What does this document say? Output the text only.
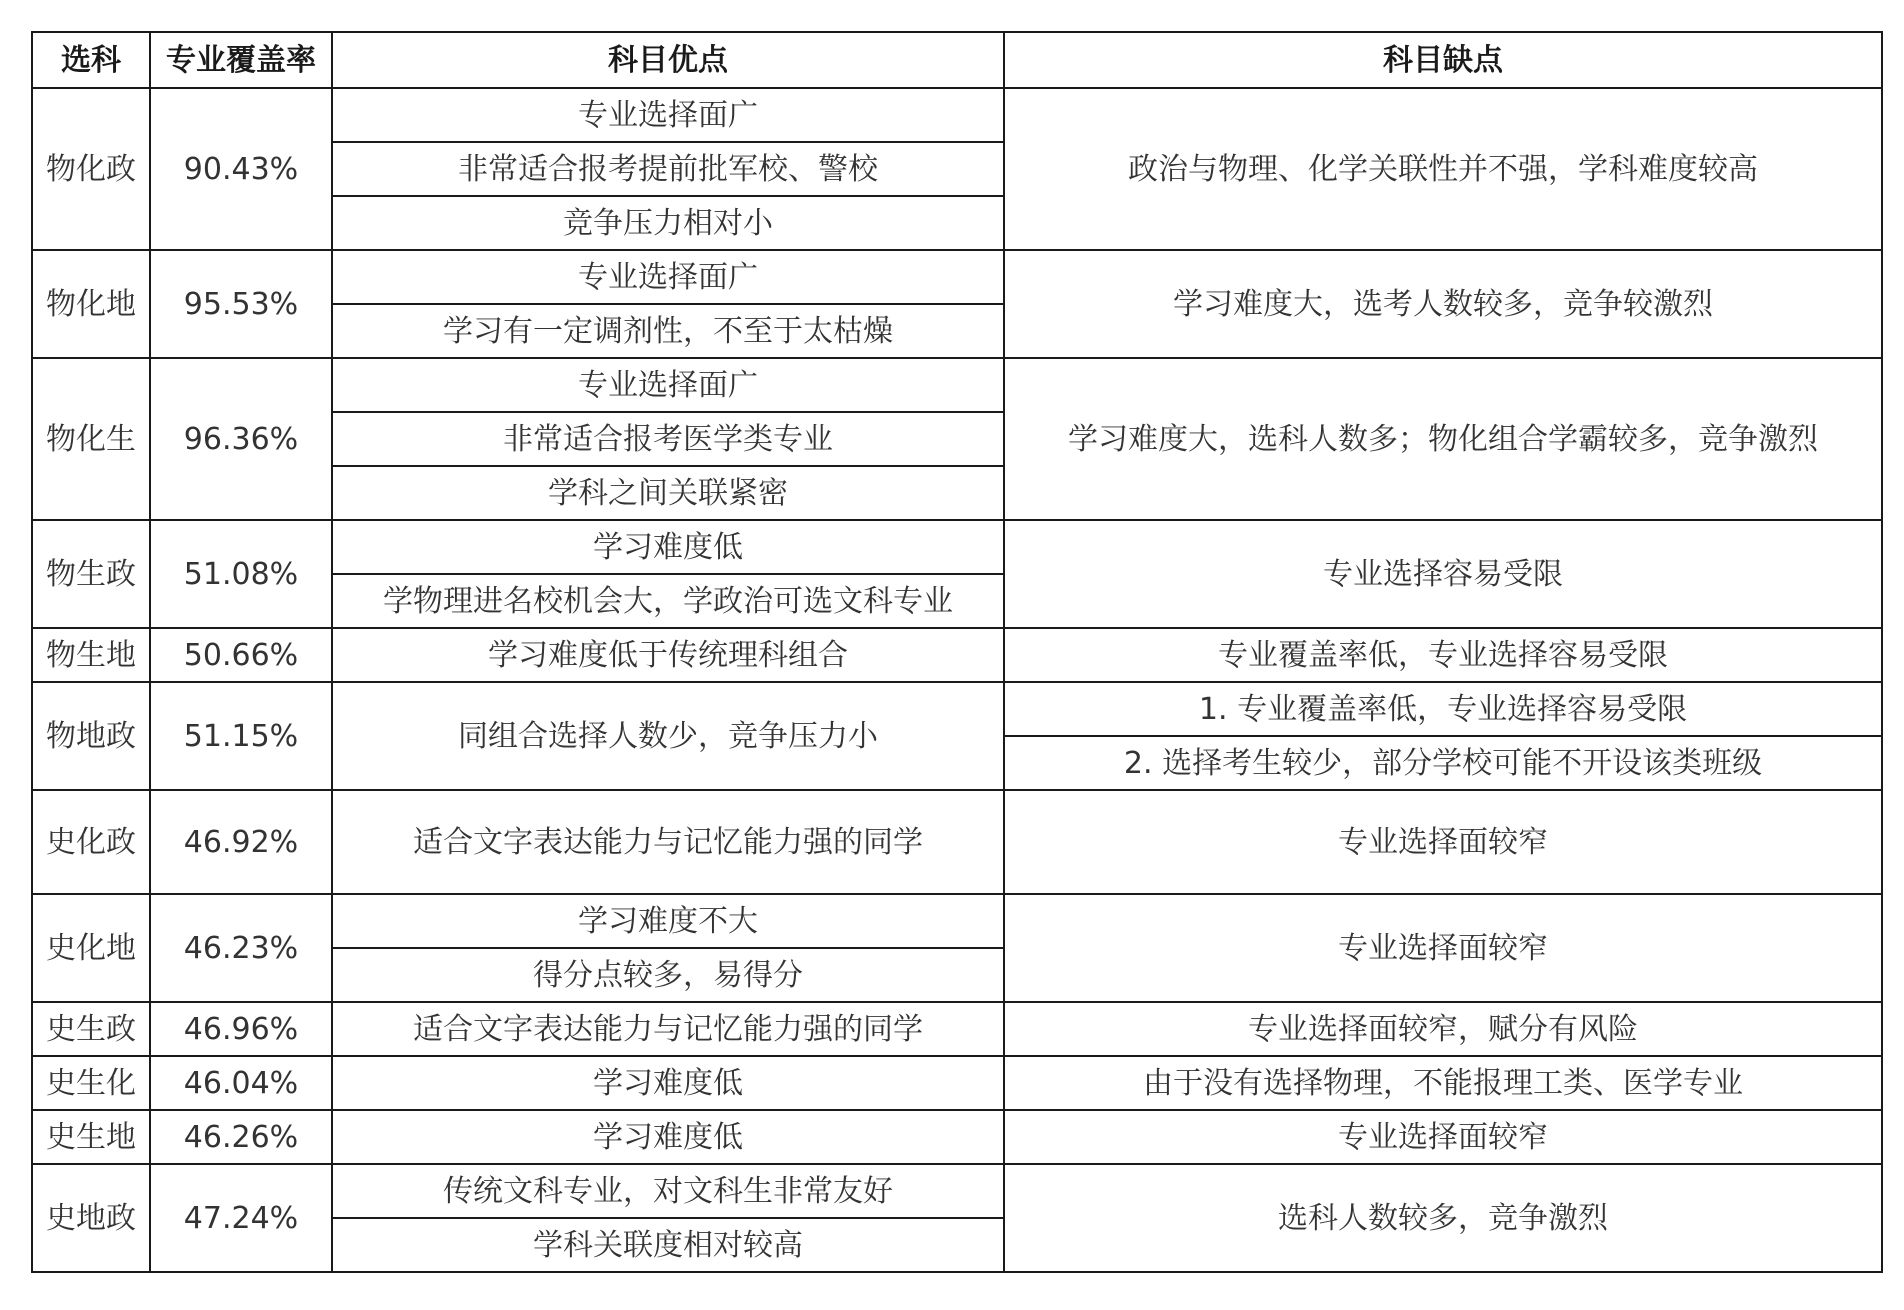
选科	专业覆盖率	科目优点	科目缺点
物化政	90.43%	专业选择面广	政治与物理、化学关联性并不强，学科难度较高
		非常适合报考提前批军校、警校	
		竞争压力相对小	
物化地	95.53%	专业选择面广	学习难度大，选考人数较多，竞争较激烈
		学习有一定调剂性，不至于太枯燥	
物化生	96.36%	专业选择面广	学习难度大，选科人数多；物化组合学霸较多，竞争激烈
		非常适合报考医学类专业	
		学科之间关联紧密	
物生政	51.08%	学习难度低	专业选择容易受限
		学物理进名校机会大，学政治可选文科专业	
物生地	50.66%	学习难度低于传统理科组合	专业覆盖率低，专业选择容易受限
物地政	51.15%	同组合选择人数少，竞争压力小	1. 专业覆盖率低，专业选择容易受限
			2. 选择考生较少，部分学校可能不开设该类班级
史化政	46.92%	适合文字表达能力与记忆能力强的同学	专业选择面较窄

史化地	46.23%	学习难度不大	专业选择面较窄
		得分点较多，易得分	
史生政	46.96%	适合文字表达能力与记忆能力强的同学	专业选择面较窄，赋分有风险
史生化	46.04%	学习难度低	由于没有选择物理，不能报理工类、医学专业
史生地	46.26%	学习难度低	专业选择面较窄
史地政	47.24%	传统文科专业，对文科生非常友好	选科人数较多，竞争激烈
		学科关联度相对较高	
